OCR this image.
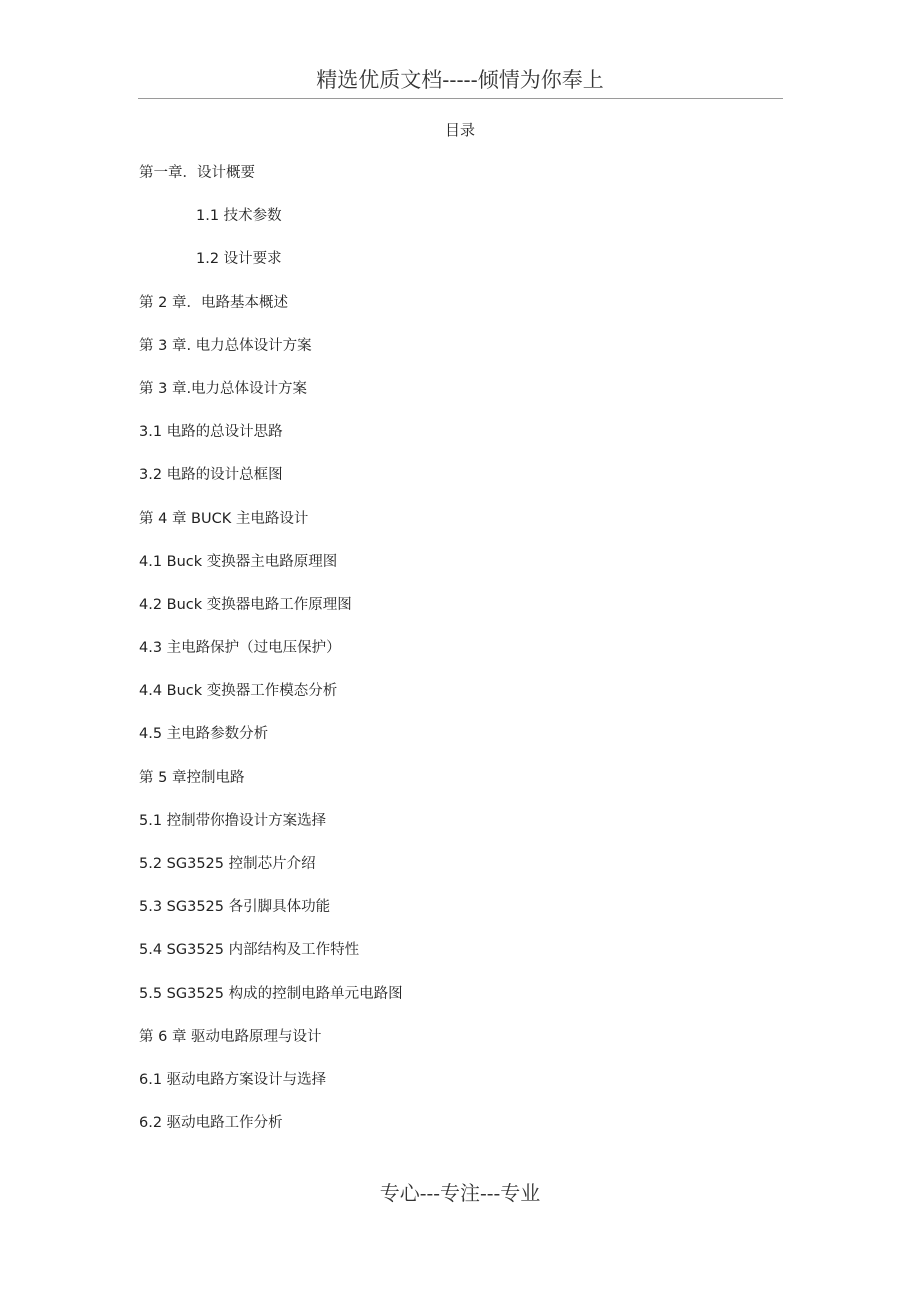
精选优质文档-----倾情为你奉上
目录
第一章．设计概要
1.1 技术参数
1.2 设计要求
第 2 章．电路基本概述
第 3 章. 电力总体设计方案
第 3 章.电力总体设计方案
3.1 电路的总设计思路
3.2 电路的设计总框图
第 4 章 BUCK 主电路设计
4.1 Buck 变换器主电路原理图
4.2 Buck 变换器电路工作原理图
4.3 主电路保护（过电压保护）
4.4 Buck 变换器工作模态分析
4.5 主电路参数分析
第 5 章控制电路
5.1 控制带你撸设计方案选择
5.2 SG3525 控制芯片介绍
5.3 SG3525 各引脚具体功能
5.4 SG3525 内部结构及工作特性
5.5 SG3525 构成的控制电路单元电路图
第 6 章 驱动电路原理与设计
6.1 驱动电路方案设计与选择
6.2 驱动电路工作分析
专心---专注---专业
